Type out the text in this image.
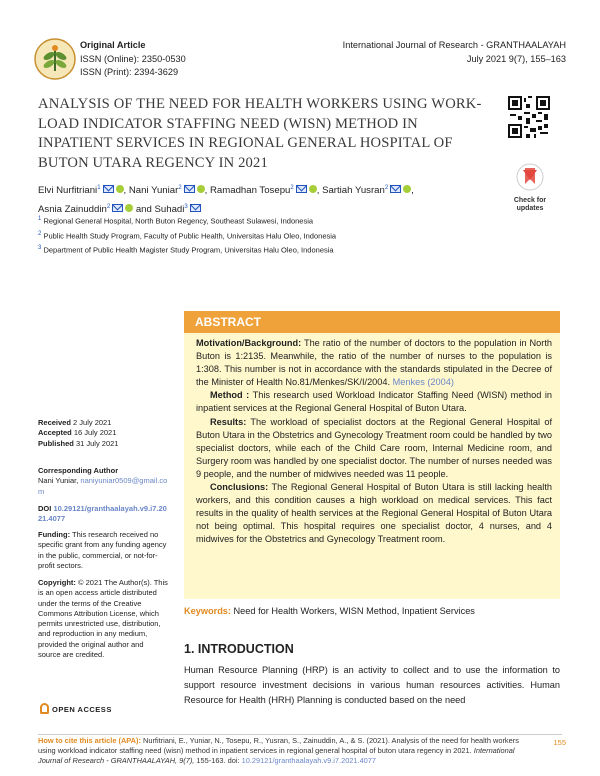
Original Article
ISSN (Online): 2350-0530
ISSN (Print): 2394-3629
International Journal of Research - GRANTHAALAYAH
July 2021 9(7), 155–163
ANALYSIS OF THE NEED FOR HEALTH WORKERS USING WORK-LOAD INDICATOR STAFFING NEED (WISN) METHOD IN INPATIENT SERVICES IN REGIONAL GENERAL HOSPITAL OF BUTON UTARA REGENCY IN 2021
Check for updates
Elvi Nurfitriani$^1$ , Nani Yuniar$^2$ , Ramadhan Tosepu$^2$ , Sartiah Yusran$^2$ ,
Asnia Zainuddin$^2$	and Suhadi$^3$
$^1$ Regional General Hospital, North Buton Regency, Southeast Sulawesi, Indonesia
$^2$ Public Health Study Program, Faculty of Public Health, Universitas Halu Oleo, Indonesia
$^3$ Department of Public Health Magister Study Program, Universitas Halu Oleo, Indonesia
Received 2 July 2021
Accepted 16 July 2021
Published 31 July 2021
Corresponding Author
Nani Yuniar, naniyuniar0509@gmail.com
DOI 10.29121/granthaalayah.v9.i7.2021.4077
Funding: This research received no specific grant from any funding agency in the public, commercial, or not-for-profit sectors.
Copyright: © 2021 The Author(s). This is an open access article distributed under the terms of the Creative Commons Attribution License, which permits unrestricted use, distribution, and reproduction in any medium, provided the original author and source are credited.
OPEN ACCESS
ABSTRACT

Motivation/Background: The ratio of the number of doctors to the population in North Buton is 1:2135. Meanwhile, the ratio of the number of nurses to the population is 1:308. This number is not in accordance with the standards stipulated in the Decree of the Minister of Health No.81/Menkes/SK/I/2004. Menkes (2004)

Method : This research used Workload Indicator Staffing Need (WISN) method in inpatient services at the Regional General Hospital of Buton Utara.

Results: The workload of specialist doctors at the Regional General Hospital of Buton Utara in the Obstetrics and Gynecology Treatment room could be handled by two specialist doctors, while each of the Child Care room, Internal Medicine room, and Surgery room was handled by one specialist doctor. The number of nurses needed was 9 people, and the number of midwives needed was 11 people.

Conclusions: The Regional General Hospital of Buton Utara is still lacking health workers, and this condition causes a high workload on medical services. This fact results in the quality of health services at the Regional General Hospital of Buton Utara not being optimal. This hospital requires one specialist doctor, 4 nurses, and 4 midwives for the Obstetrics and Gynecology Treatment room.

Keywords: Need for Health Workers, WISN Method, Inpatient Services
1. INTRODUCTION
Human Resource Planning (HRP) is an activity to collect and to use the information to support resource investment decisions in various human resources activities. Human Resource for Health (HRH) Planning is conducted based on the need
How to cite this article (APA): Nurfitriani, E., Yuniar, N., Tosepu, R., Yusran, S., Zainuddin, A., & S. (2021). Analysis of the need for health workers using workload indicator staffing need (wisn) method in inpatient services in regional general hospital of buton utara regency in 2021. International Journal of Research - GRANTHAALAYAH, 9(7), 155-163. doi: 10.29121/granthaalayah.v9.i7.2021.4077
155
